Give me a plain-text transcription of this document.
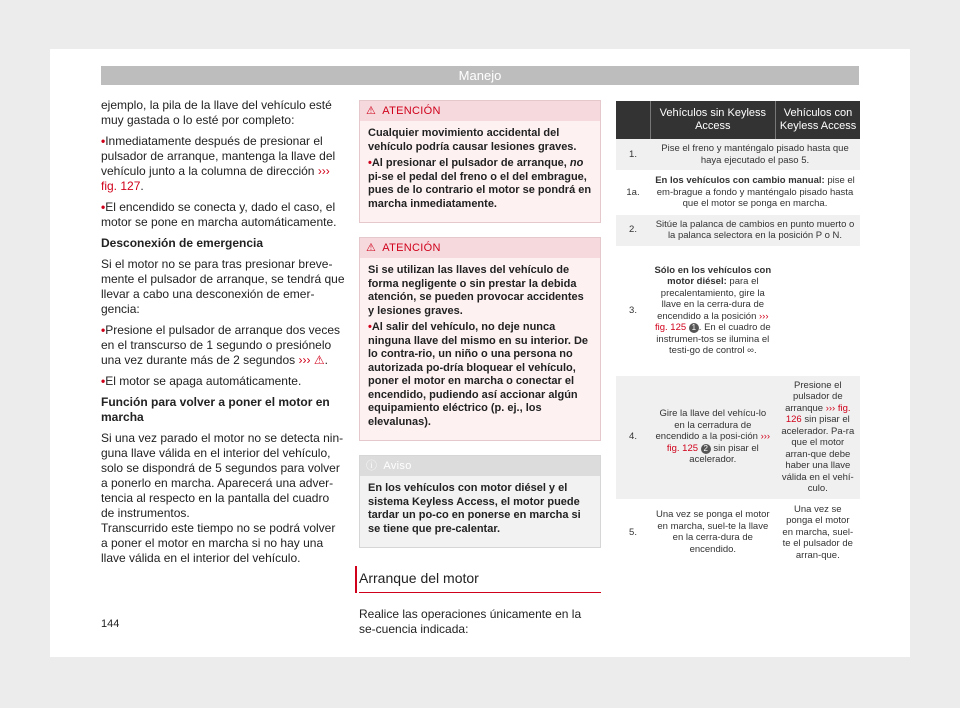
Manejo

ejemplo, la pila de la llave del vehículo esté muy gastada o lo esté por completo:

• Inmediatamente después de presionar el pulsador de arranque, mantenga la llave del vehículo junto a la columna de dirección ››› fig. 127.

• El encendido se conecta y, dado el caso, el motor se pone en marcha automáticamente.

Desconexión de emergencia

Si el motor no se para tras presionar breve-mente el pulsador de arranque, se tendrá que llevar a cabo una desconexión de emer-gencia:

• Presione el pulsador de arranque dos veces en el transcurso de 1 segundo o presiónelo una vez durante más de 2 segundos ››› ⚠.

• El motor se apaga automáticamente.

Función para volver a poner el motor en marcha

Si una vez parado el motor no se detecta nin-guna llave válida en el interior del vehículo, solo se dispondrá de 5 segundos para volver a ponerlo en marcha. Aparecerá una adver-tencia al respecto en la pantalla del cuadro de instrumentos.

Transcurrido este tiempo no se podrá volver a poner el motor en marcha si no hay una llave válida en el interior del vehículo.

⚠ ATENCIÓN

Cualquier movimiento accidental del vehículo podría causar lesiones graves.

• Al presionar el pulsador de arranque, no pi-se el pedal del freno o el del embrague, pues de lo contrario el motor se pondrá en marcha inmediatamente.

⚠ ATENCIÓN

Si se utilizan las llaves del vehículo de forma negligente o sin prestar la debida atención, se pueden provocar accidentes y lesiones graves.

• Al salir del vehículo, no deje nunca ninguna llave del mismo en su interior. De lo contra-rio, un niño o una persona no autorizada po-dría bloquear el vehículo, poner el motor en marcha o conectar el encendido, pudiendo así accionar algún equipamiento eléctrico (p. ej., los elevalunas).

ⓘ Aviso

En los vehículos con motor diésel y el sistema Keyless Access, el motor puede tardar un po-co en ponerse en marcha si se tiene que pre-calentar.

Arranque del motor
Realice las operaciones únicamente en la se-cuencia indicada:
	Vehículos sin Keyless Access	Vehículos con Keyless Access
1.	Pise el freno y manténgalo pisado hasta que haya ejecutado el paso 5.	
1a.	En los vehículos con cambio manual: pise el em-brague a fondo y manténgalo pisado hasta que el motor se ponga en marcha.	
2.	Sitúe la palanca de cambios en punto muerto o la palanca selectora en la posición P o N.	
3.	Sólo en los vehículos con motor diésel: para el precalentamiento, gire la llave en la cerra-dura de encendido a la posición ››› fig. 125 1 . En el cuadro de instrumen-tos se ilumina el testi-go de control ∞.	
4.	Gire la llave del vehícu-lo en la cerradura de encendido a la posi-ción ››› fig. 125 2 sin pisar el acelerador.	Presione el pulsador de arranque ››› fig. 126 sin pisar el acelerador. Pa-ra que el motor arran-que debe haber una llave válida en el vehí-culo.
5.	Una vez se ponga el motor en marcha, suel-te la llave en la cerra-dura de encendido.	Una vez se ponga el motor en marcha, suel-te el pulsador de arran-que.
144
